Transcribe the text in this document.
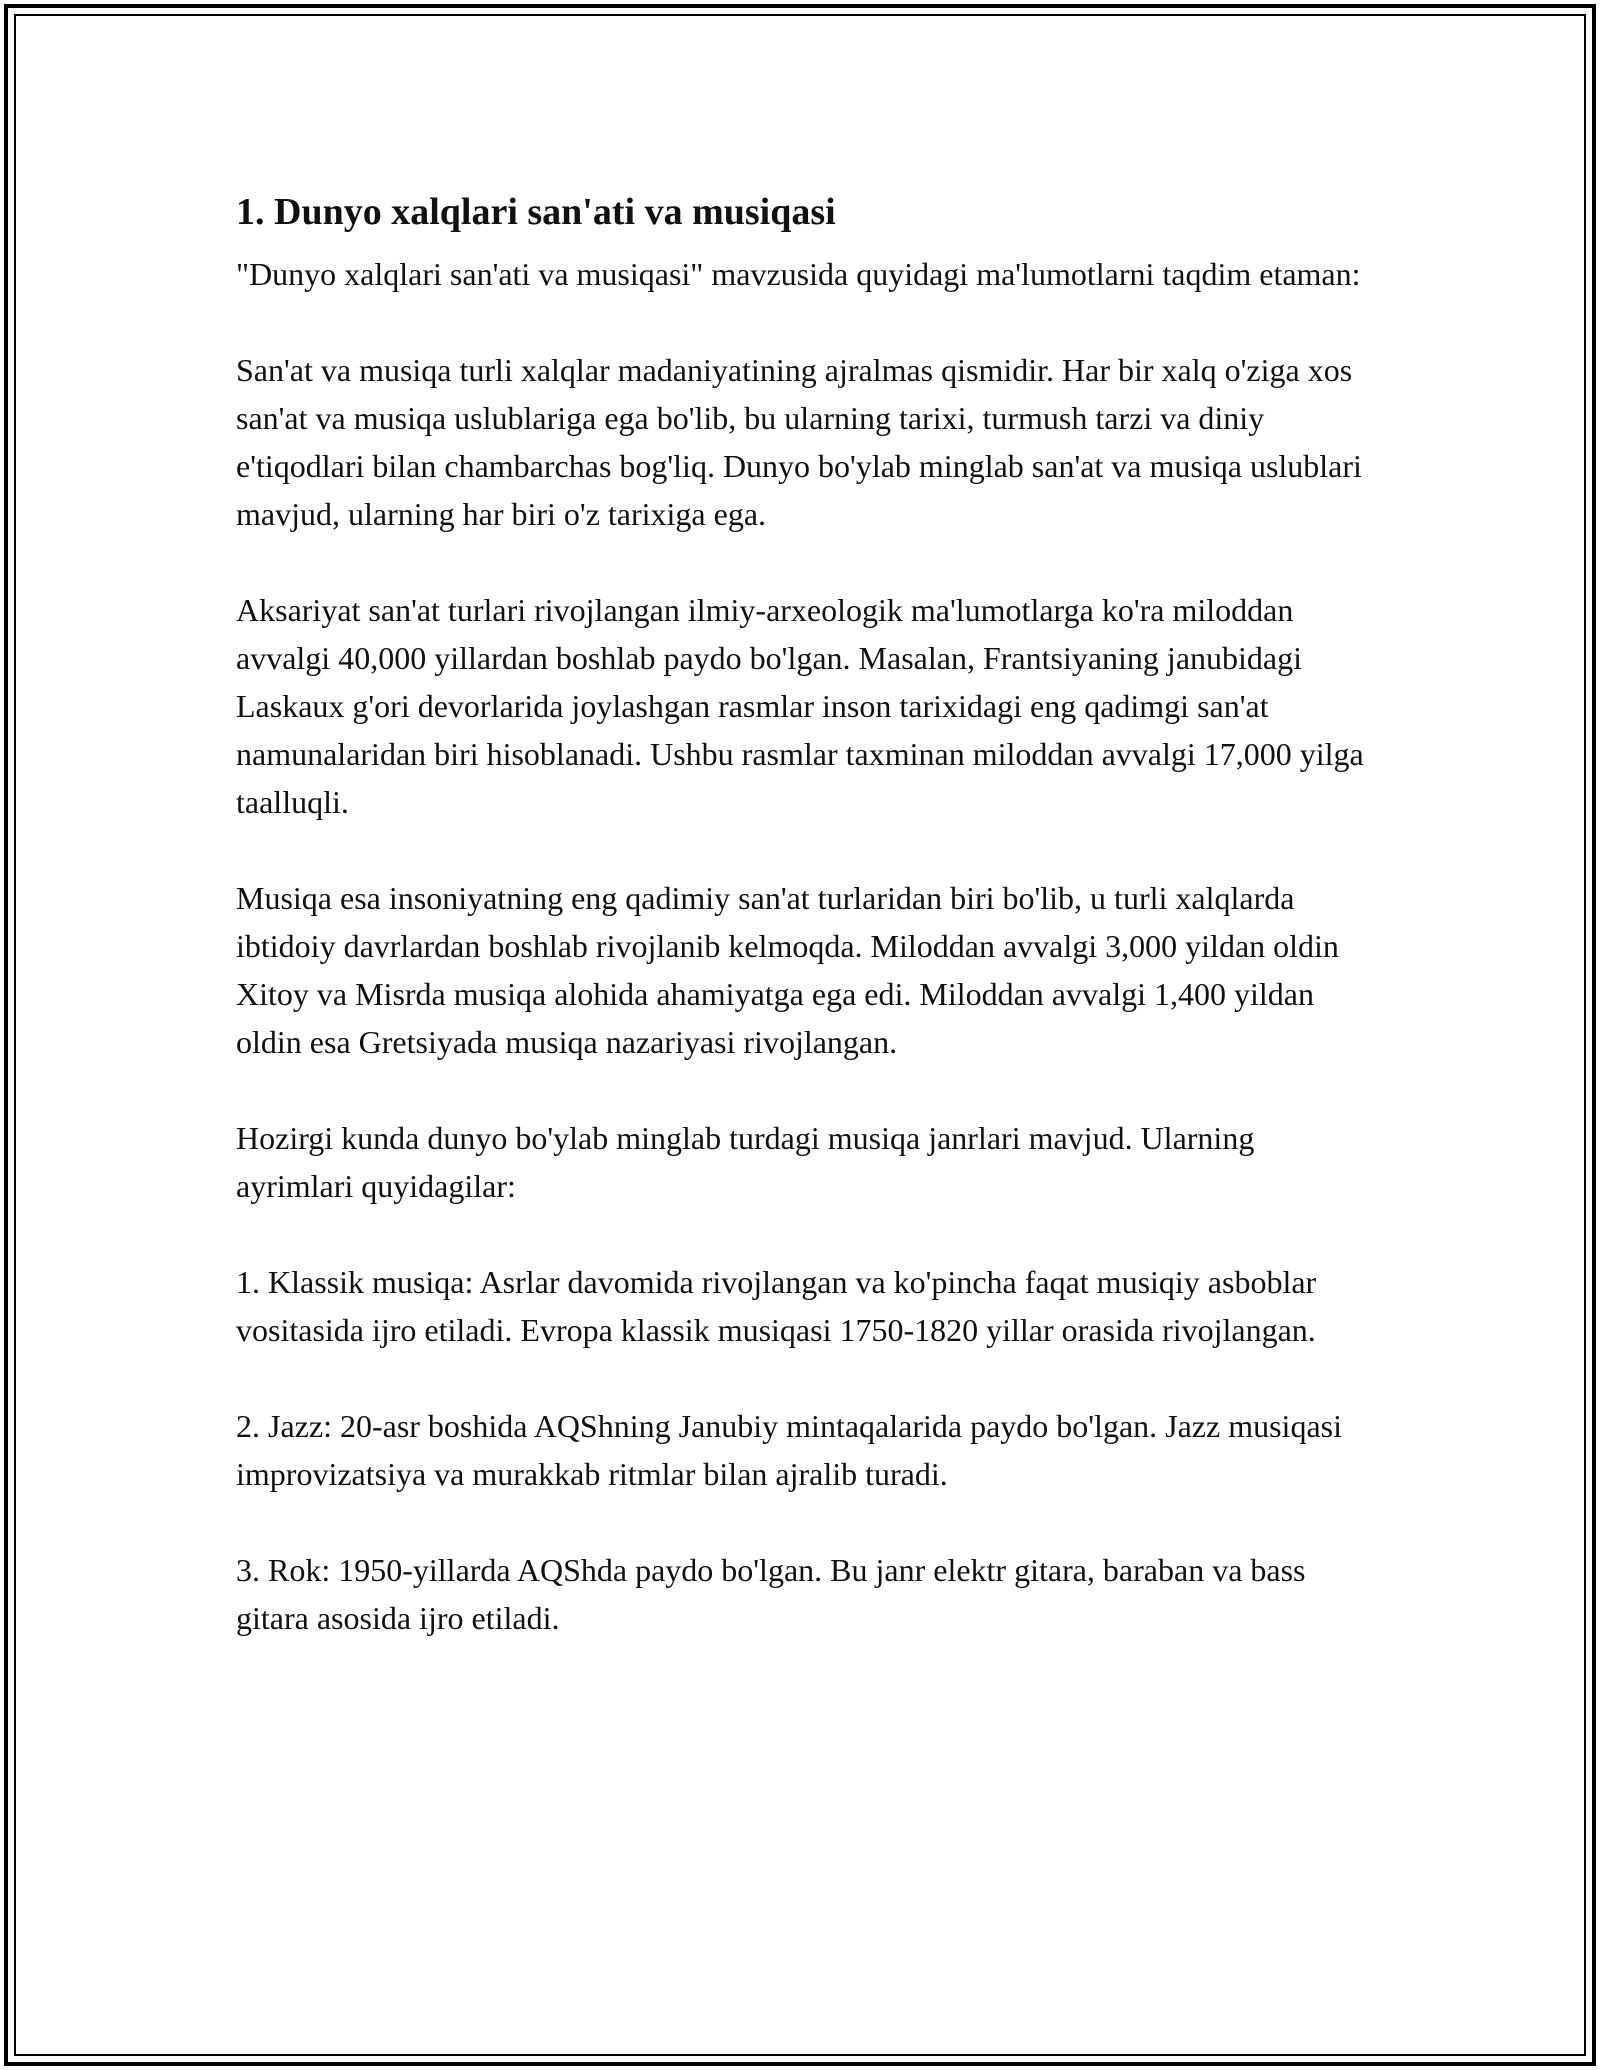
1. Dunyo xalqlari san'ati va musiqasi

"Dunyo xalqlari san'ati va musiqasi" mavzusida quyidagi ma'lumotlarni taqdim etaman:

San'at va musiqa turli xalqlar madaniyatining ajralmas qismidir. Har bir xalq o'ziga xos san'at va musiqa uslublariga ega bo'lib, bu ularning tarixi, turmush tarzi va diniy e'tiqodlari bilan chambarchas bog'liq. Dunyo bo'ylab minglab san'at va musiqa uslublari mavjud, ularning har biri o'z tarixiga ega.

Aksariyat san'at turlari rivojlangan ilmiy-arxeologik ma'lumotlarga ko'ra miloddan avvalgi 40,000 yillardan boshlab paydo bo'lgan. Masalan, Frantsiyaning janubidagi Laskaux g'ori devorlarida joylashgan rasmlar inson tarixidagi eng qadimgi san'at namunalaridan biri hisoblanadi. Ushbu rasmlar taxminan miloddan avvalgi 17,000 yilga taalluqli.

Musiqa esa insoniyatning eng qadimiy san'at turlaridan biri bo'lib, u turli xalqlarda ibtidoiy davrlardan boshlab rivojlanib kelmoqda. Miloddan avvalgi 3,000 yildan oldin Xitoy va Misrda musiqa alohida ahamiyatga ega edi. Miloddan avvalgi 1,400 yildan oldin esa Gretsiyada musiqa nazariyasi rivojlangan.

Hozirgi kunda dunyo bo'ylab minglab turdagi musiqa janrlari mavjud. Ularning ayrimlari quyidagilar:

1. Klassik musiqa: Asrlar davomida rivojlangan va ko'pincha faqat musiqiy asboblar vositasida ijro etiladi. Evropa klassik musiqasi 1750-1820 yillar orasida rivojlangan.

2. Jazz: 20-asr boshida AQShning Janubiy mintaqalarida paydo bo'lgan. Jazz musiqasi improvizatsiya va murakkab ritmlar bilan ajralib turadi.

3. Rok: 1950-yillarda AQShda paydo bo'lgan. Bu janr elektr gitara, baraban va bass gitara asosida ijro etiladi.
